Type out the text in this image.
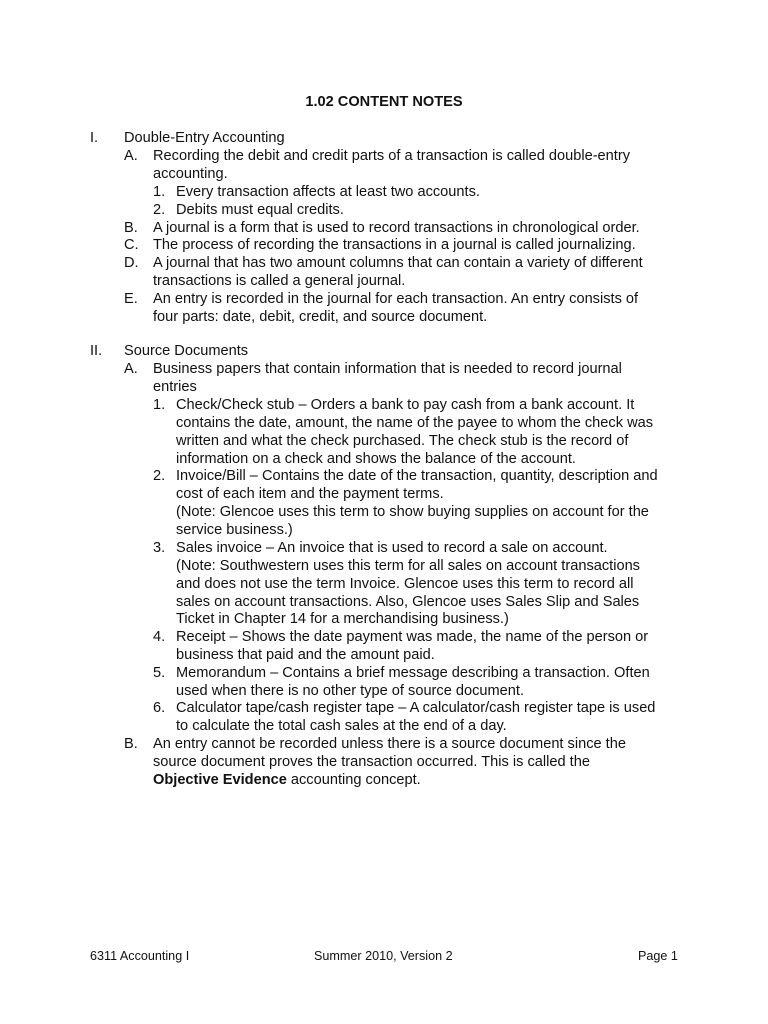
1.02 CONTENT NOTES
I. Double-Entry Accounting
A. Recording the debit and credit parts of a transaction is called double-entry
accounting.
1. Every transaction affects at least two accounts.
2. Debits must equal credits.
B. A journal is a form that is used to record transactions in chronological order.
C. The process of recording the transactions in a journal is called journalizing.
D. A journal that has two amount columns that can contain a variety of different
transactions is called a general journal.
E. An entry is recorded in the journal for each transaction. An entry consists of
four parts: date, debit, credit, and source document.
II. Source Documents
A. Business papers that contain information that is needed to record journal
entries
1. Check/Check stub – Orders a bank to pay cash from a bank account. It
contains the date, amount, the name of the payee to whom the check was
written and what the check purchased. The check stub is the record of
information on a check and shows the balance of the account.
2. Invoice/Bill – Contains the date of the transaction, quantity, description and
cost of each item and the payment terms.
(Note: Glencoe uses this term to show buying supplies on account for the
service business.)
3. Sales invoice – An invoice that is used to record a sale on account.
(Note: Southwestern uses this term for all sales on account transactions
and does not use the term Invoice. Glencoe uses this term to record all
sales on account transactions. Also, Glencoe uses Sales Slip and Sales
Ticket in Chapter 14 for a merchandising business.)
4. Receipt – Shows the date payment was made, the name of the person or
business that paid and the amount paid.
5. Memorandum – Contains a brief message describing a transaction. Often
used when there is no other type of source document.
6. Calculator tape/cash register tape – A calculator/cash register tape is used
to calculate the total cash sales at the end of a day.
B. An entry cannot be recorded unless there is a source document since the
source document proves the transaction occurred. This is called the
Objective Evidence accounting concept.
6311 Accounting I	Summer 2010, Version 2	Page 1
